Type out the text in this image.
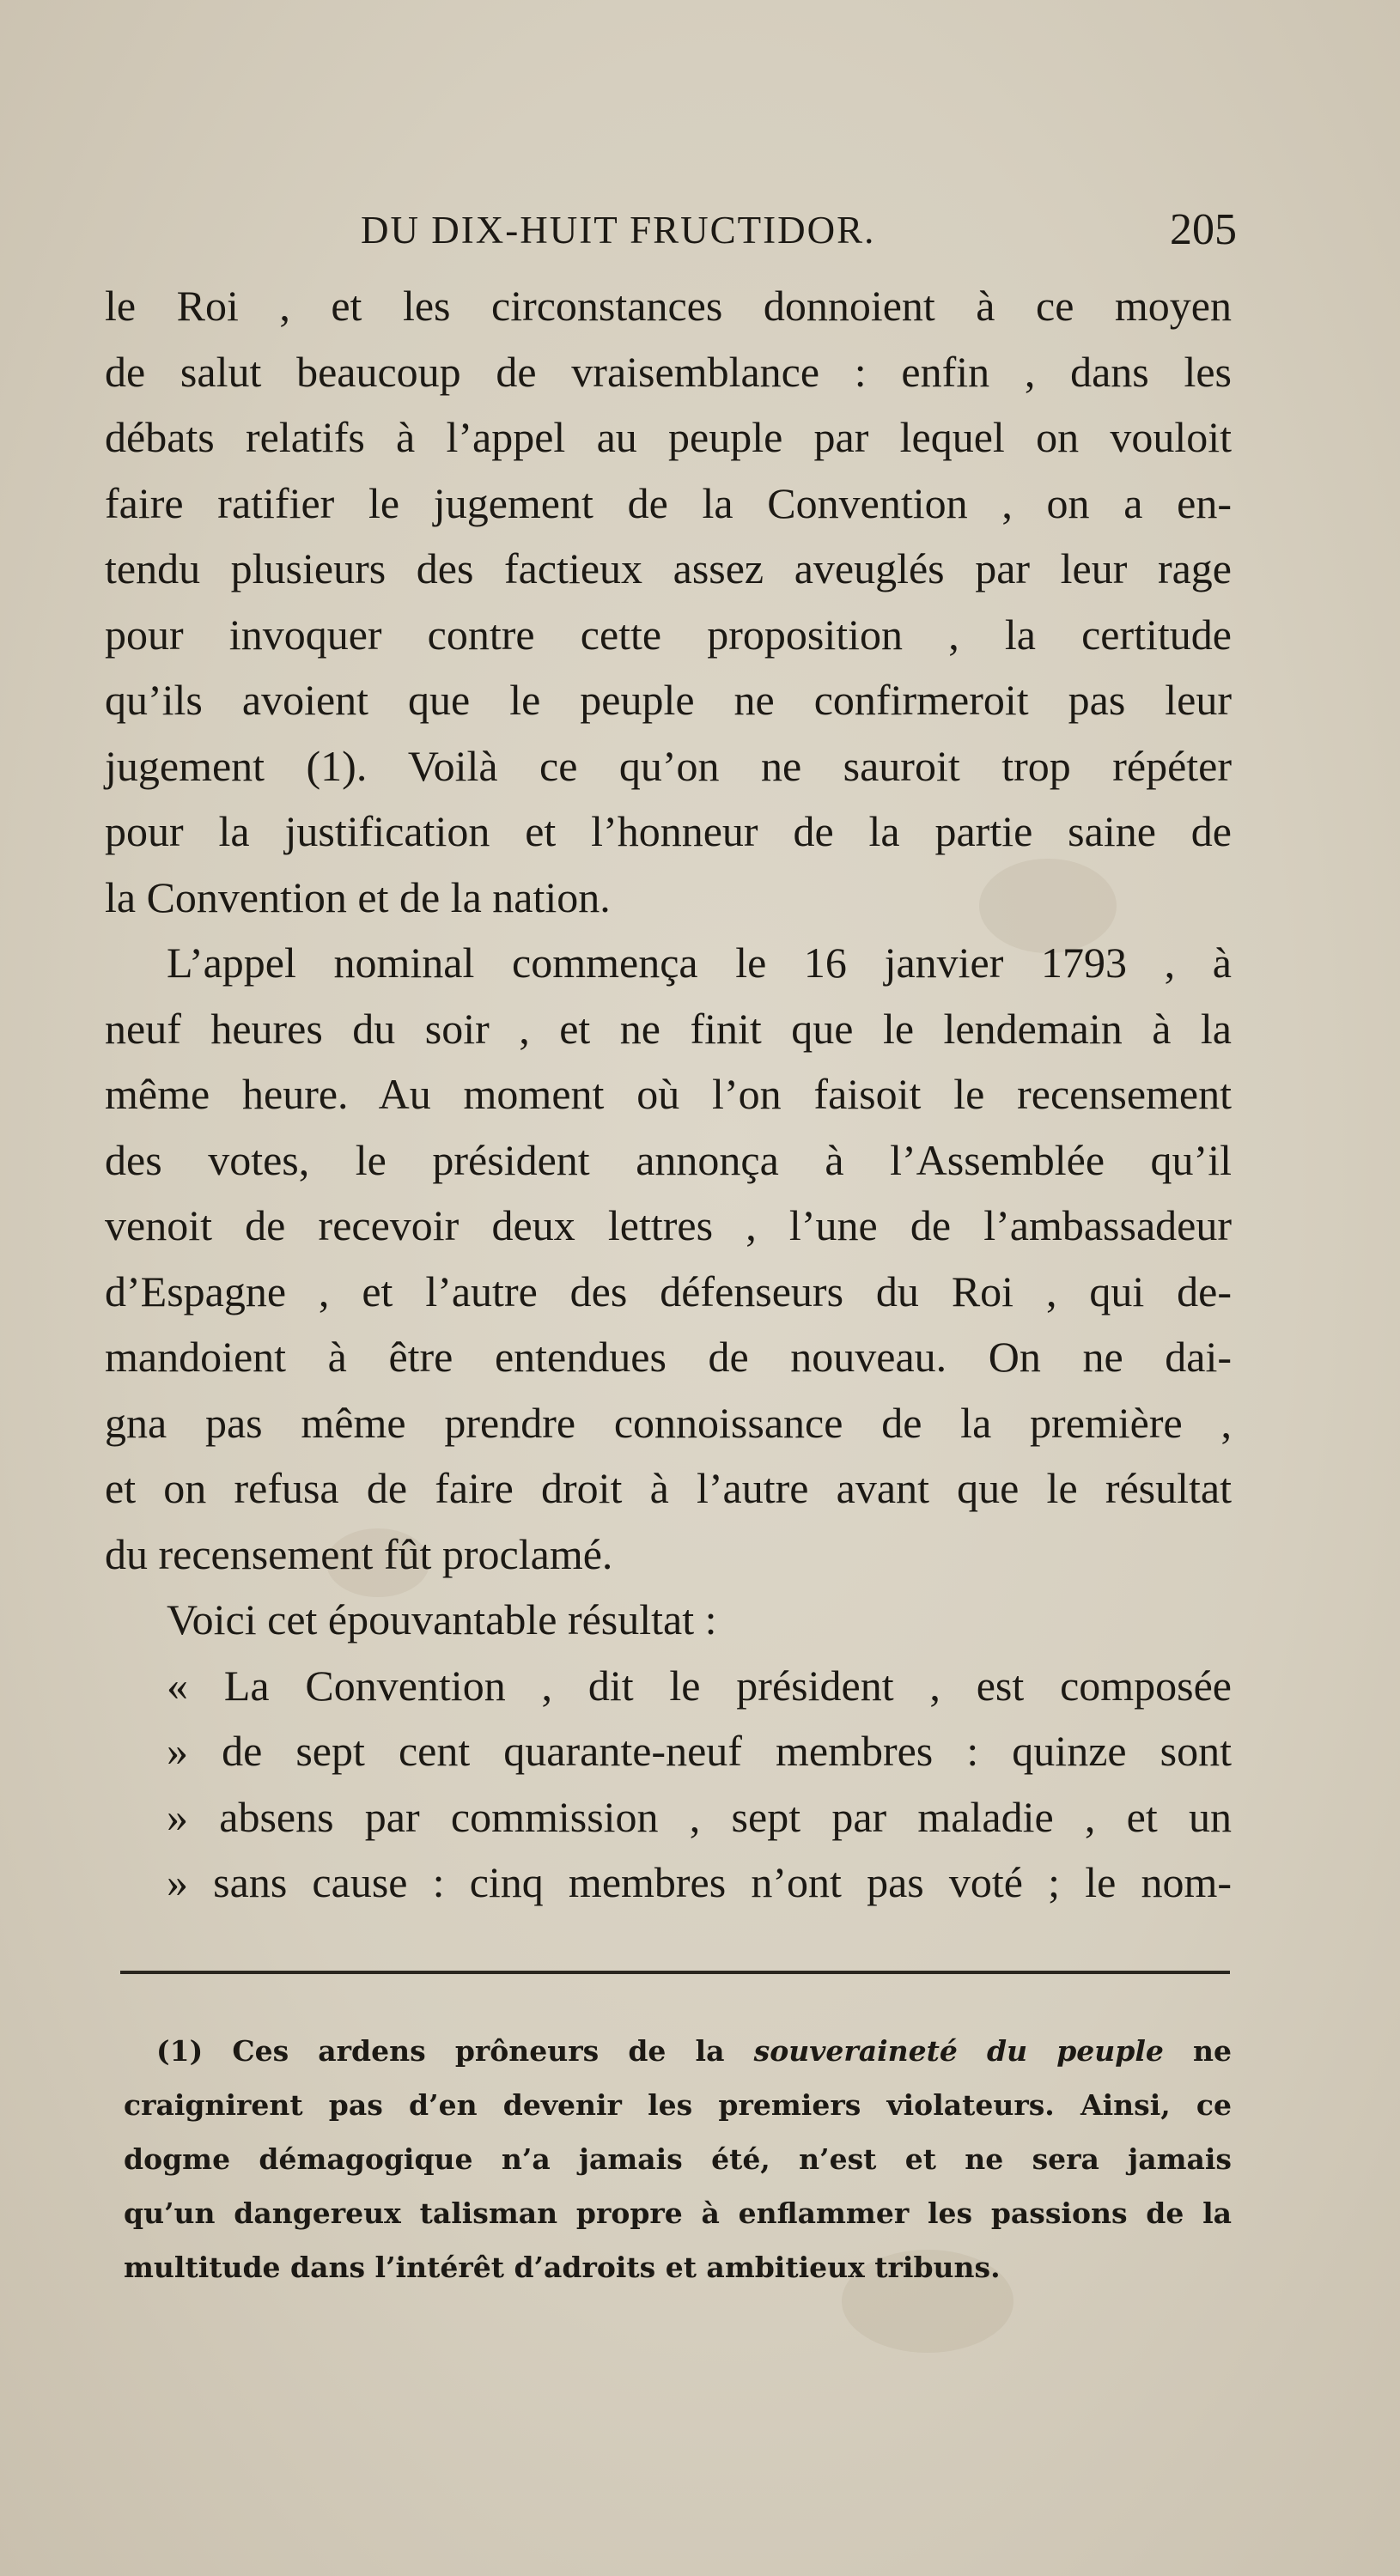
DU DIX-HUIT FRUCTIDOR.	205
le Roi , et les circonstances donnoient à ce moyen
de salut beaucoup de vraisemblance : enfin , dans les
débats relatifs à l’appel au peuple par lequel on vouloit
faire ratifier le jugement de la Convention , on a en-
tendu plusieurs des factieux assez aveuglés par leur rage
pour invoquer contre cette proposition , la certitude
qu’ils avoient que le peuple ne confirmeroit pas leur
jugement (1). Voilà ce qu’on ne sauroit trop répéter
pour la justification et l’honneur de la partie saine de
la Convention et de la nation.
L’appel nominal commença le 16 janvier 1793 , à
neuf heures du soir , et ne finit que le lendemain à la
même heure. Au moment où l’on faisoit le recensement
des votes, le président annonça à l’Assemblée qu’il
venoit de recevoir deux lettres , l’une de l’ambassadeur
d’Espagne , et l’autre des défenseurs du Roi , qui de-
mandoient à être entendues de nouveau. On ne dai-
gna pas même prendre connoissance de la première ,
et on refusa de faire droit à l’autre avant que le résultat
du recensement fût proclamé.
Voici cet épouvantable résultat :
« La Convention , dit le président , est composée
» de sept cent quarante-neuf membres : quinze sont
» absens par commission , sept par maladie , et un
» sans cause : cinq membres n’ont pas voté ; le nom-
(1) Ces ardens prôneurs de la souveraineté du peuple ne
craignirent pas d’en devenir les premiers violateurs. Ainsi, ce
dogme démagogique n’a jamais été, n’est et ne sera jamais
qu’un dangereux talisman propre à enflammer les passions de la
multitude dans l’intérêt d’adroits et ambitieux tribuns.
